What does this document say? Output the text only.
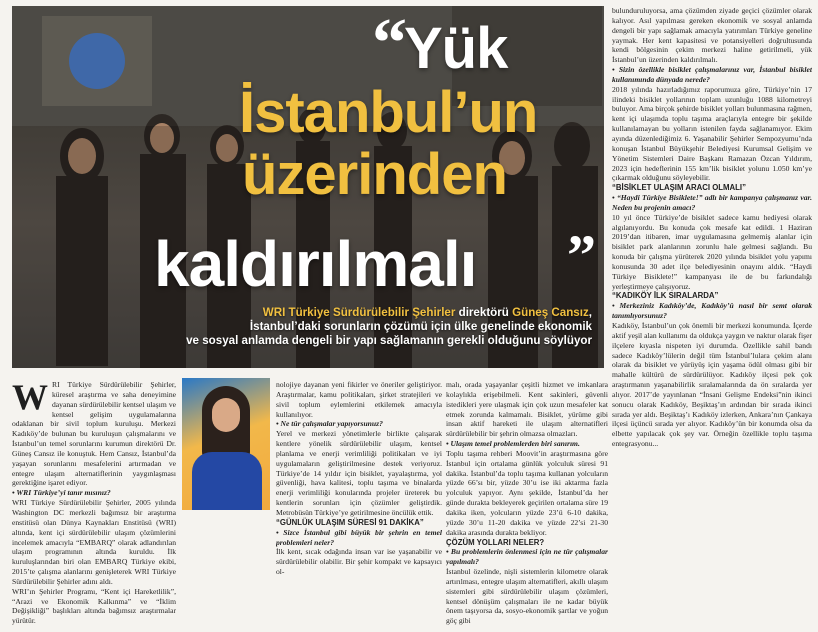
“
Yük
İstanbul’un
üzerinden
kaldırılmalı ”
WRI Türkiye Sürdürülebilir Şehirler direktörü Güneş Cansız,
İstanbul’daki sorunların çözümü için ülke genelinde ekonomik
ve sosyal anlamda dengeli bir yapı sağlamanın gerekli olduğunu söylüyor

WRI Türkiye Sürdürülebilir Şehirler, küresel araştırma ve saha deneyimine dayanan sürdürülebilir kentsel ulaşım ve kentsel gelişim uygulamalarına odaklanan bir sivil toplum kuruluşu. Merkezi Kadıköy’de bulunan bu kuruluşun çalışmalarını ve İstanbul’un temel sorunlarını kurumun direktörü Dr. Güneş Cansız ile konuştuk. Hem Cansız, İstanbul’da yaşayan sorunlarını mesafelerini artırmadan ve entegre ulaşım alternatiflerinin yaygınlaşması gerektiğine işaret ediyor.

• WRI Türkiye’yi tanır mısınız?

WRI Türkiye Sürdürülebilir Şehirler, 2005 yılında Washington DC merkezli bağımsız bir araştırma enstitüsü olan Dünya Kaynakları Enstitüsü (WRI) altında, kent içi sürdürülebilir ulaşım çözümlerini incelemek amacıyla “EMBARQ” olarak adlandırılan ulaşım programının altında kuruldu. İlk kuruluşlarından biri olan EMBARQ Türkiye ekibi, 2015’te çalışma alanlarını genişleterek WRI Türkiye Sürdürülebilir Şehirler adını aldı.

WRI’ın Şehirler Programı, “Kent içi Hareketlilik”, “Arazi ve Ekonomik Kalkınma” ve “İklim Değişikliği” başlıkları altında bağımsız araştırmalar yürütür.

nolojiye dayanan yeni fikirler ve öneriler geliştiriyor. Araştırmalar, kamu politikaları, şirket stratejileri ve sivil toplum eylemlerini etkilemek amacıyla kullanılıyor.

• Ne tür çalışmalar yapıyorsunuz?

Yerel ve merkezi yönetimlerle birlikte çalışarak kentlere yönelik sürdürülebilir ulaşım, kentsel planlama ve enerji verimliliği politikaları ve iyi uygulamaların geliştirilmesine destek veriyoruz. Türkiye’de 14 yıldır için bisiklet, yayalaştırma, yol güvenliği, hava kalitesi, toplu taşıma ve binalarda enerji verimliliği konularında projeler üreterek bu kentlerin sorunları için çözümler geliştirdik. Metrobüsün Türkiye’ye getirilmesine öncülük ettik.

“GÜNLÜK ULAŞIM SÜRESİ 91 DAKİKA”

• Sizce İstanbul gibi büyük bir şehrin en temel problemleri neler?

İlk kent, sıcak odağında insan var ise yaşanabilir ve sürdürülebilir olabilir. Bir şehir kompakt ve kapsayıcı ol-

malı, orada yaşayanlar çeşitli hizmet ve imkanlara kolaylıkla erişebilmeli. Kent sakinleri, güvenli istedikleri yere ulaşmak için çok uzun mesafeler kat etmek zorunda kalmamalı. Bisiklet, yürüme gibi insan aktif hareketi ile ulaşım alternatifleri sürdürülebilir bir şehrin olmazsa olmazları.

• Ulaşım temel problemlerden biri sanırım.

Toplu taşıma rehberi Moovit’in araştırmasına göre İstanbul için ortalama günlük yolculuk süresi 91 dakika. İstanbul’da toplu taşıma kullanan yolcuların yüzde 66’sı bir, yüzde 30’u ise iki aktarma fazla yolculuk yapıyor. Aynı şekilde, İstanbul’da her günde durakta bekleyerek geçirilen ortalama süre 19 dakika iken, yolcuların yüzde 23’ü 6-10 dakika, yüzde 30’u 11-20 dakika ve yüzde 22’si 21-30 dakika arasında durakta bekliyor.

ÇÖZÜM YOLLARI NELER?

• Bu problemlerin önlenmesi için ne tür çalışmalar yapılmalı?

İstanbul özelinde, nişli sistemlerin kilometre olarak artırılması, entegre ulaşım alternatifleri, akıllı ulaşım sistemleri gibi sürdürülebilir ulaşım çözümleri, kentsel dönüşüm çalışmaları ile ne kadar büyük önem taşıyorsa da, sosyo-ekonomik şartlar ve yoğun göç gibi

bulunduruluyorsa, ama çözümden ziyade geçici çözümler olarak kalıyor. Asıl yapılması gereken ekonomik ve sosyal anlamda dengeli bir yapı sağlamak amacıyla yatırımları Türkiye geneline yaymak. Her kent kapasitesi ve potansiyelleri doğrultusunda kendi bölgesinin çekim merkezi haline getirilmeli, yük İstanbul’un üzerinden kaldırılmalı.

• Sizin özellikle bisiklet çalışmalarınız var, İstanbul bisiklet kullanımında dünyada nerede?

2018 yılında hazırladığımız raporumuza göre, Türkiye’nin 17 ilindeki bisiklet yollarının toplam uzunluğu 1088 kilometreyi buluyor. Ama birçok şehirde bisiklet yolları bulunmasına rağmen, kent içi ulaşımda toplu taşıma araçlarıyla entegre bir şekilde kullanılamayan bu yolların istenilen fayda sağlanamıyor. Ekim ayında düzenlediğimiz 6. Yaşanabilir Şehirler Sempozyumu’nda konuşan İstanbul Büyükşehir Belediyesi Kurumsal Gelişim ve Yönetim Sistemleri Daire Başkanı Ramazan Özcan Yıldırım, 2023 için hedeflerinin 155 km’lik bisiklet yolunu 1.050 km’ye çıkarmak olduğunu söyleyebilir.

“BİSİKLET ULAŞIM ARACI OLMALI”

• “Haydi Türkiye Bisiklete!” adlı bir kampanya çalışmanız var. Neden bu projenin amacı?

10 yıl önce Türkiye’de bisiklet sadece kamu hediyesi olarak algılanıyordu. Bu konuda çok mesafe kat edildi. 1 Haziran 2019’dan itibaren, imar uygulamasına gelmemiş alanlar için bisiklet park alanlarının zorunlu hale gelmesi sağlandı. Bu konuda bir çalışma yürüterek 2020 yılında bisiklet yolu yapımı konusunda 30 adet ilçe belediyesinin onayını aldık. “Haydi Türkiye Bisiklete!” kampanyası ile de bu farkındalığı yerleştirmeye çalışıyoruz.

“KADIKÖY İLK SIRALARDA”

• Merkeziniz Kadıköy’de, Kadıköy’ü nasıl bir semt olarak tanımlıyorsunuz?

Kadıköy, İstanbul’un çok önemli bir merkezi konumunda. İçerde aktif yeşil alan kullanımı da oldukça yaygın ve naktur olarak fişer ilçelere kıyasla nispeten iyi durumda. Özellikle sahil bandı sadece Kadıköy’lülerin değil tüm İstanbul’lulara çekim alanı olarak da bisiklet ve yürüyüş için yaşama ödül olması gibi bir mahalle kültürü de sürdürülüyor. Kadıköy ilçesi pek çok araştırmanın yaşanabilirlik sıralamalarında da ön sıralarda yer alıyor. 2017’de yayınlanan “İnsani Gelişme Endeksi”nin ikinci sonucu olarak Kadıköy, Beşiktaş’ın ardından bir sırada ikinci sırada yer aldı. Beşiktaş’ı Kadıköy izlerken, Ankara’nın Çankaya ilçesi üçüncü sırada yer alıyor. Kadıköy’ün bir konumda olsa da elbette yapılacak çok şey var. Örneğin özellikle toplu taşıma entegrasyonu...
